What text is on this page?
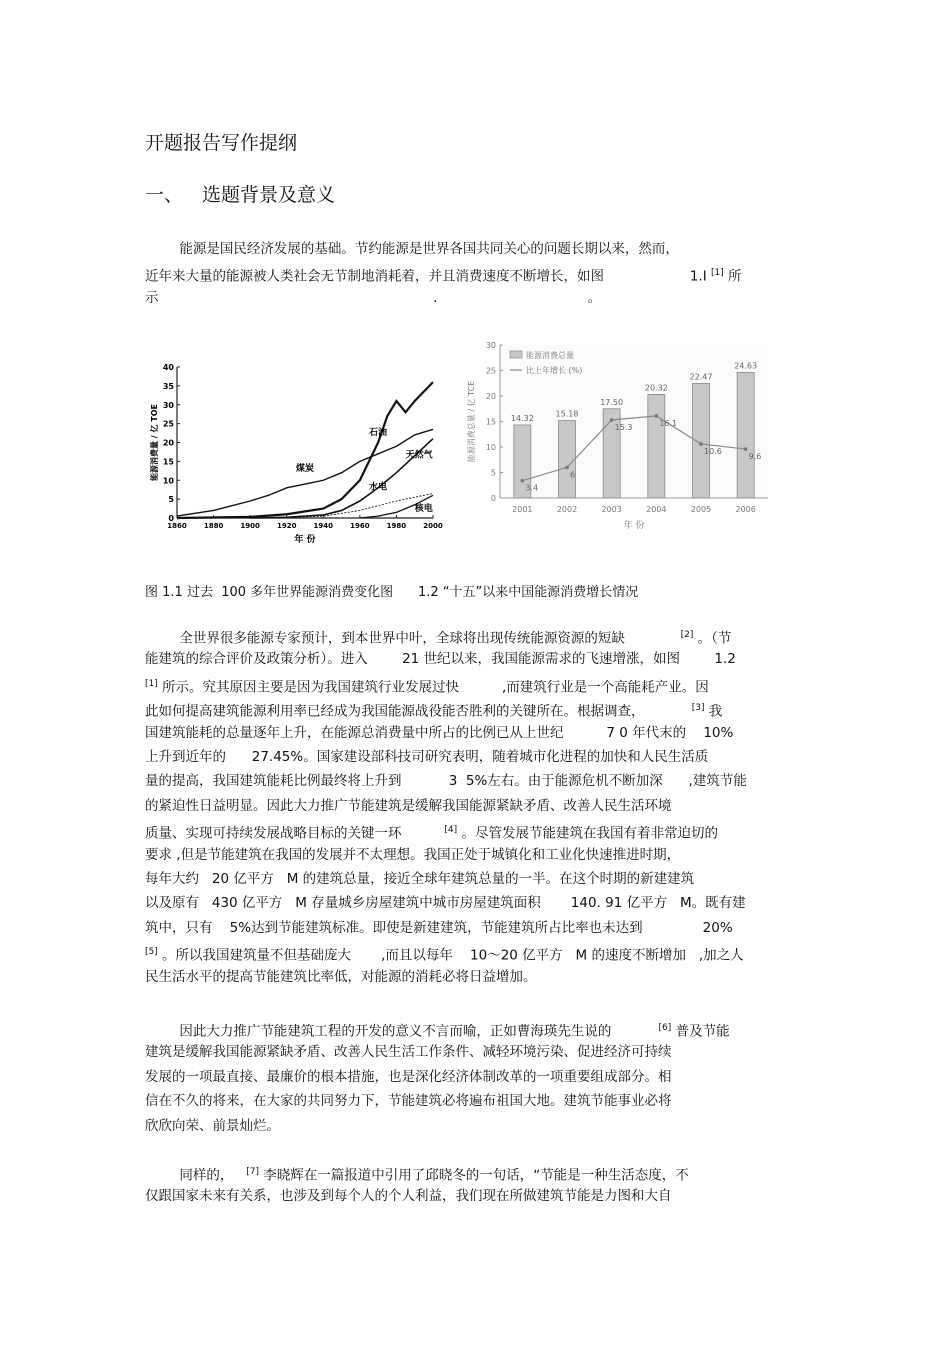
开题报告写作提纲
一、 选题背景及意义
能源是国民经济发展的基础。节约能源是世界各国共同关心的问题长期以来，然而，
近年来大量的能源被人类社会无节制地消耗着，并且消费速度不断增长，如图                    1.I [1] 所
示                                                                .                                   。
0
5
10
15
20
25
30
35
40
1860 1880 1900 1920 1940 1960 1980 2000
年 份
能源消费量 / 亿 TOE	煤炭
石油
天然气
水电
核电
0
5
10
15
20
25
30
能源消费总量 / 亿 TCE	14.32
2001
15.18
2002
17.50
2003
20.32
2004
22.47
2005
24.63
2006
3.4
6
15.3	16.1
10.6
9.6
年 份
能源消费总量
比上年增长 (%)
图 1.1 过去  100 多年世界能源消费变化图      1.2 “十五”以来中国能源消费增长情况
全世界很多能源专家预计，到本世界中叶，全球将出现传统能源资源的短缺             [2] 。（节
能建筑的综合评价及政策分析）。进入        21 世纪以来，我国能源需求的飞速增涨，如图        1.2
[1] 所示。究其原因主要是因为我国建筑行业发展过快          ,而建筑行业是一个高能耗产业。因
此如何提高建筑能源利用率已经成为我国能源战役能否胜利的关键所在。根据调查，           [3] 我
国建筑能耗的总量逐年上升，在能源总消费量中所占的比例已从上世纪          7 0 年代末的    10%
上升到近年的      27.45%。国家建设部科技司研究表明，随着城市化进程的加快和人民生活质
量的提高，我国建筑能耗比例最终将上升到           3  5%左右。由于能源危机不断加深      ,建筑节能
的紧迫性日益明显。因此大力推广节能建筑是缓解我国能源紧缺矛盾、改善人民生活环境
质量、实现可持续发展战略目标的关键一环          [4] 。尽管发展节能建筑在我国有着非常迫切的
要求 ,但是节能建筑在我国的发展并不太理想。我国正处于城镇化和工业化快速推进时期，
每年大约   20 亿平方   M 的建筑总量，接近全球年建筑总量的一半。在这个时期的新建建筑
以及原有   430 亿平方   M 存量城乡房屋建筑中城市房屋建筑面积       140. 91 亿平方   M。既有建
筑中，只有    5%达到节能建筑标准。即使是新建建筑，节能建筑所占比率也未达到              20%
[5] 。所以我国建筑量不但基础庞大       ,而且以每年    10～20 亿平方   M 的速度不断增加   ,加之人
民生活水平的提高节能建筑比率低，对能源的消耗必将日益增加。
因此大力推广节能建筑工程的开发的意义不言而喻，正如曹海瑛先生说的           [6] 普及节能
建筑是缓解我国能源紧缺矛盾、改善人民生活工作条件、减轻环境污染、促进经济可持续
发展的一项最直接、最廉价的根本措施，也是深化经济体制改革的一项重要组成部分。相
信在不久的将来，在大家的共同努力下，节能建筑必将遍布祖国大地。建筑节能事业必将
欣欣向荣、前景灿烂。
同样的，   [7] 李晓辉在一篇报道中引用了邱晓冬的一句话，“节能是一种生活态度，不
仅跟国家未来有关系，也涉及到每个人的个人利益，我们现在所做建筑节能是力图和大自
